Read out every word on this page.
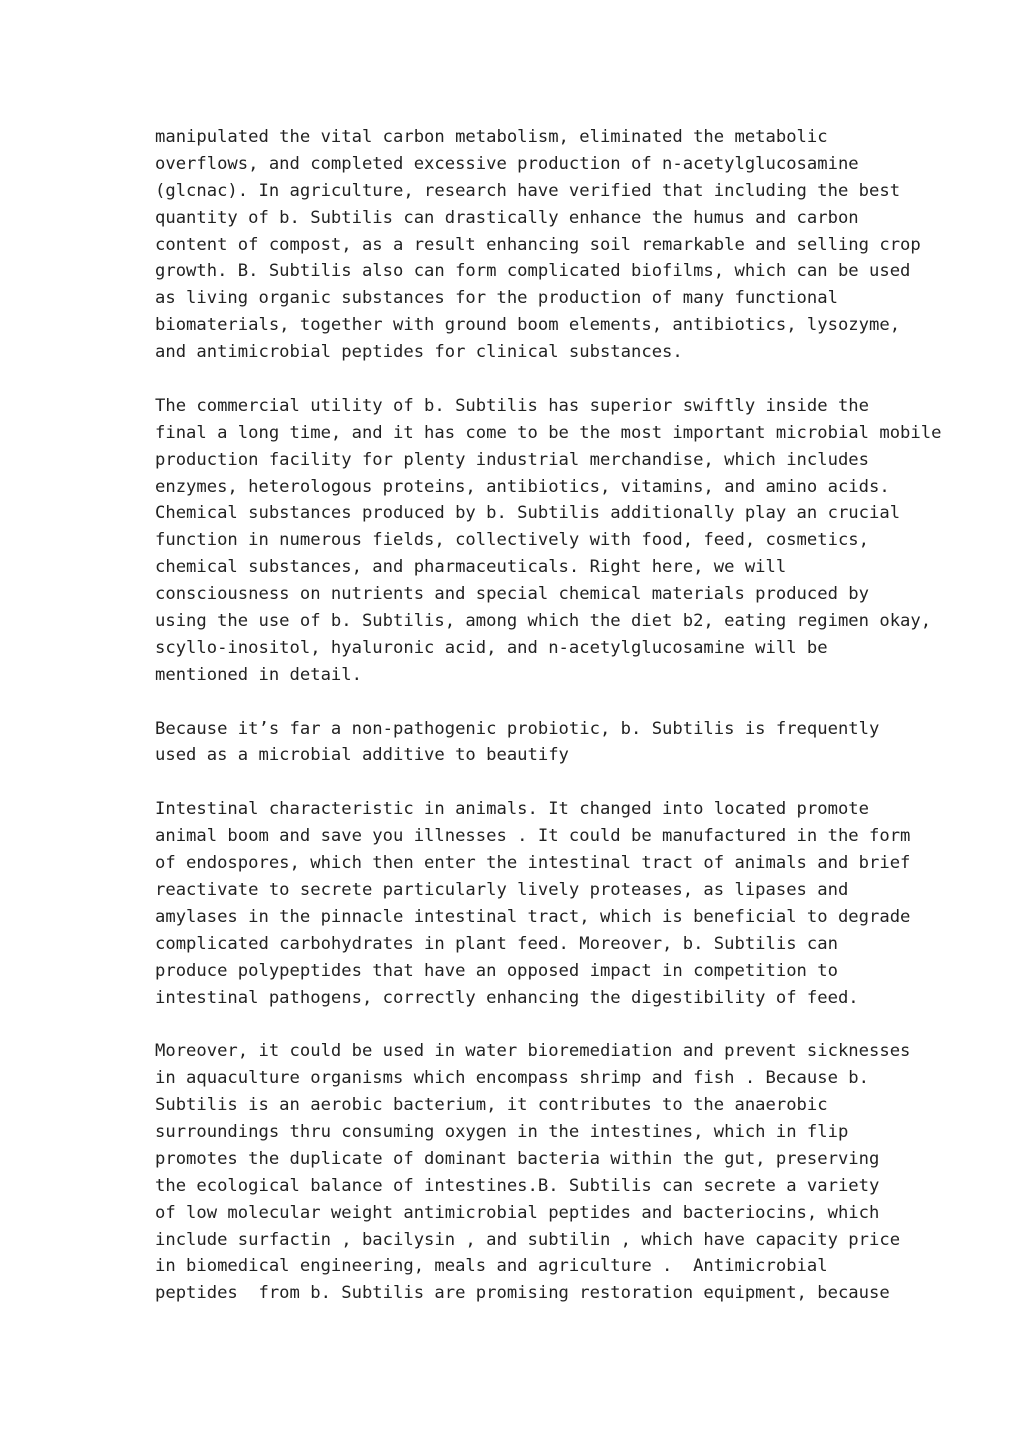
manipulated the vital carbon metabolism, eliminated the metabolic
overflows, and completed excessive production of n-acetylglucosamine
(glcnac). In agriculture, research have verified that including the best
quantity of b. Subtilis can drastically enhance the humus and carbon
content of compost, as a result enhancing soil remarkable and selling crop
growth. B. Subtilis also can form complicated biofilms, which can be used
as living organic substances for the production of many functional
biomaterials, together with ground boom elements, antibiotics, lysozyme,
and antimicrobial peptides for clinical substances.
The commercial utility of b. Subtilis has superior swiftly inside the
final a long time, and it has come to be the most important microbial mobile
production facility for plenty industrial merchandise, which includes
enzymes, heterologous proteins, antibiotics, vitamins, and amino acids.
Chemical substances produced by b. Subtilis additionally play an crucial
function in numerous fields, collectively with food, feed, cosmetics,
chemical substances, and pharmaceuticals. Right here, we will
consciousness on nutrients and special chemical materials produced by
using the use of b. Subtilis, among which the diet b2, eating regimen okay,
scyllo-inositol, hyaluronic acid, and n-acetylglucosamine will be
mentioned in detail.
Because it’s far a non-pathogenic probiotic, b. Subtilis is frequently
used as a microbial additive to beautify
Intestinal characteristic in animals. It changed into located promote
animal boom and save you illnesses . It could be manufactured in the form
of endospores, which then enter the intestinal tract of animals and brief
reactivate to secrete particularly lively proteases, as lipases and
amylases in the pinnacle intestinal tract, which is beneficial to degrade
complicated carbohydrates in plant feed. Moreover, b. Subtilis can
produce polypeptides that have an opposed impact in competition to
intestinal pathogens, correctly enhancing the digestibility of feed.
Moreover, it could be used in water bioremediation and prevent sicknesses
in aquaculture organisms which encompass shrimp and fish . Because b.
Subtilis is an aerobic bacterium, it contributes to the anaerobic
surroundings thru consuming oxygen in the intestines, which in flip
promotes the duplicate of dominant bacteria within the gut, preserving
the ecological balance of intestines.B. Subtilis can secrete a variety
of low molecular weight antimicrobial peptides and bacteriocins, which
include surfactin , bacilysin , and subtilin , which have capacity price
in biomedical engineering, meals and agriculture .  Antimicrobial
peptides  from b. Subtilis are promising restoration equipment, because
